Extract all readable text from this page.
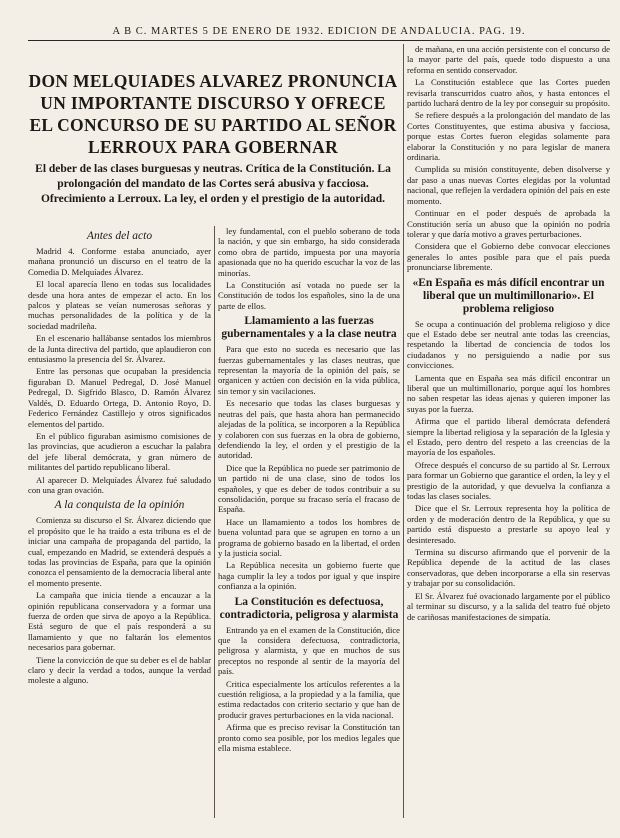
A B C. MARTES 5 DE ENERO DE 1932. EDICION DE ANDALUCIA. PAG. 19.
DON MELQUIADES ALVAREZ PRONUNCIA UN IMPORTANTE DISCURSO Y OFRECE EL CONCURSO DE SU PARTIDO AL SEÑOR LERROUX PARA GOBERNAR
El deber de las clases burguesas y neutras. Crítica de la Constitución. La prolongación del mandato de las Cortes será abusiva y facciosa. Ofrecimiento a Lerroux. La ley, el orden y el prestigio de la autoridad.
Antes del acto

Madrid 4. Conforme estaba anunciado, ayer mañana pronunció un discurso en el teatro de la Comedia D. Melquíades Álvarez.

El local aparecía lleno en todas sus localidades desde una hora antes de empezar el acto. En los palcos y plateas se veían numerosas señoras y muchas personalidades de la política y de la sociedad madrileña.

En el escenario hallábanse sentados los miembros de la Junta directiva del partido, que aplaudieron con entusiasmo la presencia del Sr. Álvarez.

Entre las personas que ocupaban la presidencia figuraban D. Manuel Pedregal, D. José Manuel Pedregal, D. Sigfrido Blasco, D. Ramón Álvarez Valdés, D. Eduardo Ortega, D. Antonio Royo, D. Federico Fernández Castillejo y otros significados elementos del partido.

En el público figuraban asimismo comisiones de las provincias, que acudieron a escuchar la palabra del jefe liberal demócrata, y gran número de militantes del partido republicano liberal.

Al aparecer D. Melquíades Álvarez fué saludado con una gran ovación.

A la conquista de la opinión

Comienza su discurso el Sr. Álvarez diciendo que el propósito que le ha traído a esta tribuna es el de iniciar una campaña de propaganda del partido, la cual, empezando en Madrid, se extenderá después a todas las provincias de España, para que la opinión conozca el pensamiento de la democracia liberal ante el momento presente.

La campaña que inicia tiende a encauzar a la opinión republicana conservadora y a formar una fuerza de orden que sirva de apoyo a la República. Está seguro de que el país responderá a su llamamiento y que no faltarán los elementos necesarios para gobernar.

Tiene la convicción de que su deber es el de hablar claro y decir la verdad a todos, aunque la verdad moleste a alguno.

ley fundamental, con el pueblo soberano de toda la nación, y que sin embargo, ha sido considerada como obra de partido, impuesta por una mayoría apasionada que no ha querido escuchar la voz de las minorías.

La Constitución así votada no puede ser la Constitución de todos los españoles, sino la de una parte de ellos.

Llamamiento a las fuerzas gubernamentales y a la clase neutra

Para que esto no suceda es necesario que las fuerzas gubernamentales y las clases neutras, que representan la mayoría de la opinión del país, se organicen y actúen con decisión en la vida pública, sin temor y sin vacilaciones.

Es necesario que todas las clases burguesas y neutras del país, que hasta ahora han permanecido alejadas de la política, se incorporen a la República y colaboren con sus fuerzas en la obra de gobierno, defendiendo la ley, el orden y el prestigio de la autoridad.

Dice que la República no puede ser patrimonio de un partido ni de una clase, sino de todos los españoles, y que es deber de todos contribuir a su consolidación, porque su fracaso sería el fracaso de España.

Hace un llamamiento a todos los hombres de buena voluntad para que se agrupen en torno a un programa de gobierno basado en la libertad, el orden y la justicia social.

La República necesita un gobierno fuerte que haga cumplir la ley a todos por igual y que inspire confianza a la opinión.

La Constitución es defectuosa, contradictoria, peligrosa y alarmista

Entrando ya en el examen de la Constitución, dice que la considera defectuosa, contradictoria, peligrosa y alarmista, y que en muchos de sus preceptos no responde al sentir de la mayoría del país.

Critica especialmente los artículos referentes a la cuestión religiosa, a la propiedad y a la familia, que estima redactados con criterio sectario y que han de producir graves perturbaciones en la vida nacional.

Afirma que es preciso revisar la Constitución tan pronto como sea posible, por los medios legales que ella misma establece.

de mañana, en una acción persistente con el concurso de la mayor parte del país, quede todo dispuesto a una reforma en sentido conservador.

La Constitución establece que las Cortes pueden revisarla transcurridos cuatro años, y hasta entonces el partido luchará dentro de la ley por conseguir su propósito.

Se refiere después a la prolongación del mandato de las Cortes Constituyentes, que estima abusiva y facciosa, porque estas Cortes fueron elegidas solamente para elaborar la Constitución y no para legislar de manera ordinaria.

Cumplida su misión constituyente, deben disolverse y dar paso a unas nuevas Cortes elegidas por la voluntad nacional, que reflejen la verdadera opinión del país en este momento.

Continuar en el poder después de aprobada la Constitución sería un abuso que la opinión no podría tolerar y que daría motivo a graves perturbaciones.

Considera que el Gobierno debe convocar elecciones generales lo antes posible para que el país pueda pronunciarse libremente.

«En España es más difícil encontrar un liberal que un multimillonario». El problema religioso

Se ocupa a continuación del problema religioso y dice que el Estado debe ser neutral ante todas las creencias, respetando la libertad de conciencia de todos los ciudadanos y no persiguiendo a nadie por sus convicciones.

Lamenta que en España sea más difícil encontrar un liberal que un multimillonario, porque aquí los hombres no saben respetar las ideas ajenas y quieren imponer las suyas por la fuerza.

Afirma que el partido liberal demócrata defenderá siempre la libertad religiosa y la separación de la Iglesia y el Estado, pero dentro del respeto a las creencias de la mayoría de los españoles.

Ofrece después el concurso de su partido al Sr. Lerroux para formar un Gobierno que garantice el orden, la ley y el prestigio de la autoridad, y que devuelva la confianza a todas las clases sociales.

Dice que el Sr. Lerroux representa hoy la política de orden y de moderación dentro de la República, y que su partido está dispuesto a prestarle su apoyo leal y desinteresado.

Termina su discurso afirmando que el porvenir de la República depende de la actitud de las clases conservadoras, que deben incorporarse a ella sin reservas y trabajar por su consolidación.

El Sr. Álvarez fué ovacionado largamente por el público al terminar su discurso, y a la salida del teatro fué objeto de cariñosas manifestaciones de simpatía.
